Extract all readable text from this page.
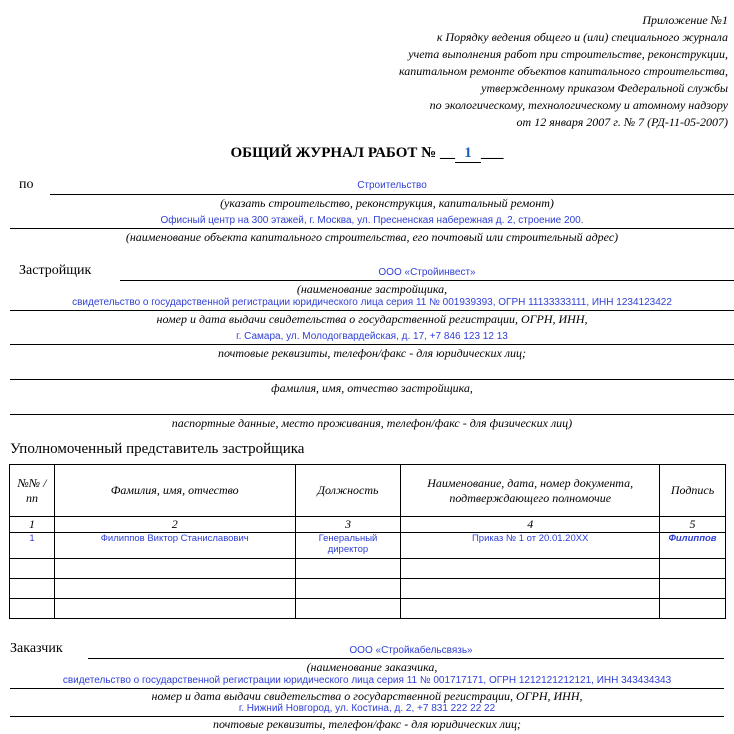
Приложение №1
к Порядку ведения общего и (или) специального журнала
учета выполнения работ при строительстве, реконструкции,
капитальном ремонте объектов капитального строительства,
утвержденному приказом Федеральной службы
по экологическому, технологическому и атомному надзору
от 12 января 2007 г. № 7 (РД-11-05-2007)
ОБЩИЙ ЖУРНАЛ РАБОТ № __ 1 ___
по	Строительство
(указать строительство, реконструкция, капитальный ремонт)
Офисный центр на 300 этажей, г. Москва, ул. Пресненская набережная д. 2, строение 200.
(наименование объекта капитального строительства, его почтовый или строительный адрес)
Застройщик	ООО «Стройинвест»
(наименование застройщика,
свидетельство о государственной регистрации юридического лица серия 11 № 001939393, ОГРН 11133333111, ИНН 1234123422
номер и дата выдачи свидетельства о государственной регистрации, ОГРН, ИНН,
г. Самара, ул. Молодогвардейская, д. 17, +7 846 123 12 13
почтовые реквизиты, телефон/факс - для юридических лиц;
фамилия, имя, отчество застройщика,
паспортные данные, место проживания, телефон/факс - для физических лиц)
Уполномоченный представитель застройщика
№№ / пп	Фамилия, имя, отчество	Должность	Наименование, дата, номер документа, подтверждающего полномочие	Подпись
1	2	3	4	5
1	Филиппов Виктор Станиславович	Генеральный директор	Приказ № 1 от 20.01.20XX	Филиппов

Заказчик	ООО «Стройкабельсвязь»
(наименование заказчика,
свидетельство о государственной регистрации юридического лица серия 11 № 001717171, ОГРН 1212121212121, ИНН 343434343
номер и дата выдачи свидетельства о государственной регистрации, ОГРН, ИНН,
г. Нижний Новгород, ул. Костина, д. 2, +7 831 222 22 22
почтовые реквизиты, телефон/факс - для юридических лиц;
